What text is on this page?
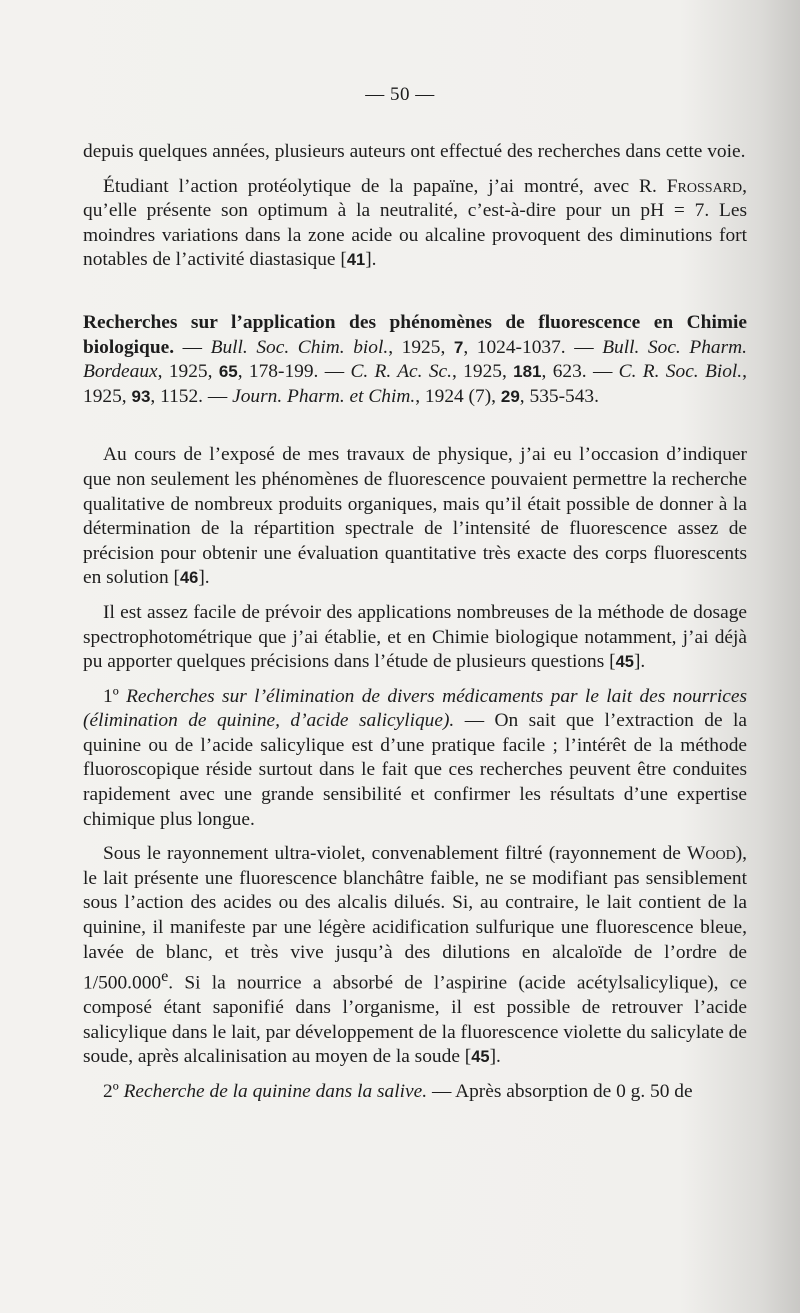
— 50 —

depuis quelques années, plusieurs auteurs ont effectué des recherches dans cette voie.

Étudiant l’action protéolytique de la papaïne, j’ai montré, avec R. Frossard, qu’elle présente son optimum à la neutralité, c’est-à-dire pour un pH = 7. Les moindres variations dans la zone acide ou alcaline provoquent des diminutions fort notables de l’activité diastasique [41].

Recherches sur l’application des phénomènes de fluorescence en Chimie biologique. — Bull. Soc. Chim. biol., 1925, 7, 1024-1037. — Bull. Soc. Pharm. Bordeaux, 1925, 65, 178-199. — C. R. Ac. Sc., 1925, 181, 623. — C. R. Soc. Biol., 1925, 93, 1152. — Journ. Pharm. et Chim., 1924 (7), 29, 535-543.

Au cours de l’exposé de mes travaux de physique, j’ai eu l’occasion d’indiquer que non seulement les phénomènes de fluorescence pouvaient permettre la recherche qualitative de nombreux produits organiques, mais qu’il était possible de donner à la détermination de la répartition spectrale de l’intensité de fluorescence assez de précision pour obtenir une évaluation quantitative très exacte des corps fluorescents en solution [46].

Il est assez facile de prévoir des applications nombreuses de la méthode de dosage spectrophotométrique que j’ai établie, et en Chimie biologique notamment, j’ai déjà pu apporter quelques précisions dans l’étude de plusieurs questions [45].

1º Recherches sur l’élimination de divers médicaments par le lait des nourrices (élimination de quinine, d’acide salicylique). — On sait que l’extraction de la quinine ou de l’acide salicylique est d’une pratique facile ; l’intérêt de la méthode fluoroscopique réside surtout dans le fait que ces recherches peuvent être conduites rapidement avec une grande sensibilité et confirmer les résultats d’une expertise chimique plus longue.

Sous le rayonnement ultra-violet, convenablement filtré (rayonnement de Wood), le lait présente une fluorescence blanchâtre faible, ne se modifiant pas sensiblement sous l’action des acides ou des alcalis dilués. Si, au contraire, le lait contient de la quinine, il manifeste par une légère acidification sulfurique une fluorescence bleue, lavée de blanc, et très vive jusqu’à des dilutions en alcaloïde de l’ordre de 1/500.000e. Si la nourrice a absorbé de l’aspirine (acide acétylsalicylique), ce composé étant saponifié dans l’organisme, il est possible de retrouver l’acide salicylique dans le lait, par développement de la fluorescence violette du salicylate de soude, après alcalinisation au moyen de la soude [45].

2º Recherche de la quinine dans la salive. — Après absorption de 0 g. 50 de
